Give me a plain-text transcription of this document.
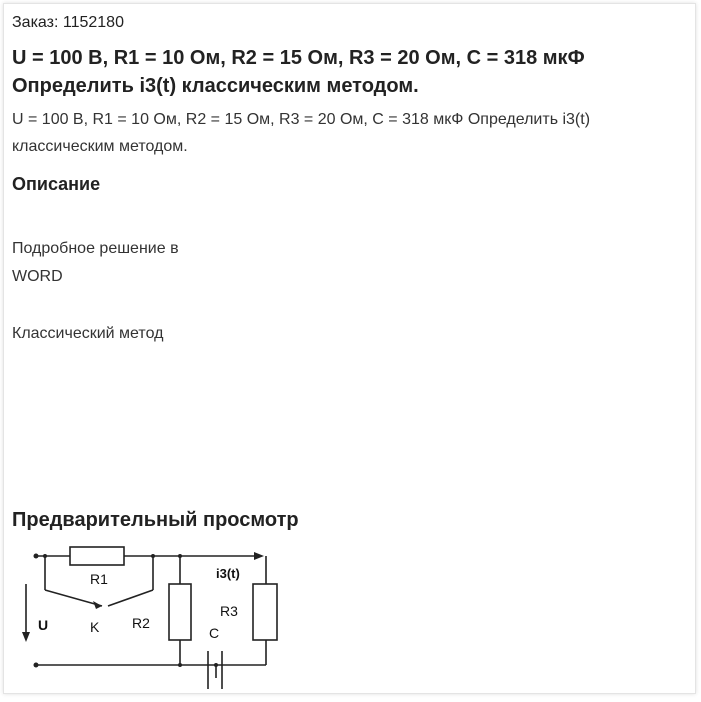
Заказ: 1152180
U = 100 В, R1 = 10 Ом, R2 = 15 Ом, R3 = 20 Ом, С = 318 мкФ Определить i3(t) классическим методом.
U = 100 В, R1 = 10 Ом, R2 = 15 Ом, R3 = 20 Ом, С = 318 мкФ Определить i3(t) классическим методом.
Описание

Подробное решение в WORD

Классический метод

Предварительный просмотр
R1
R2
R3
U	K	C
i3(t)
